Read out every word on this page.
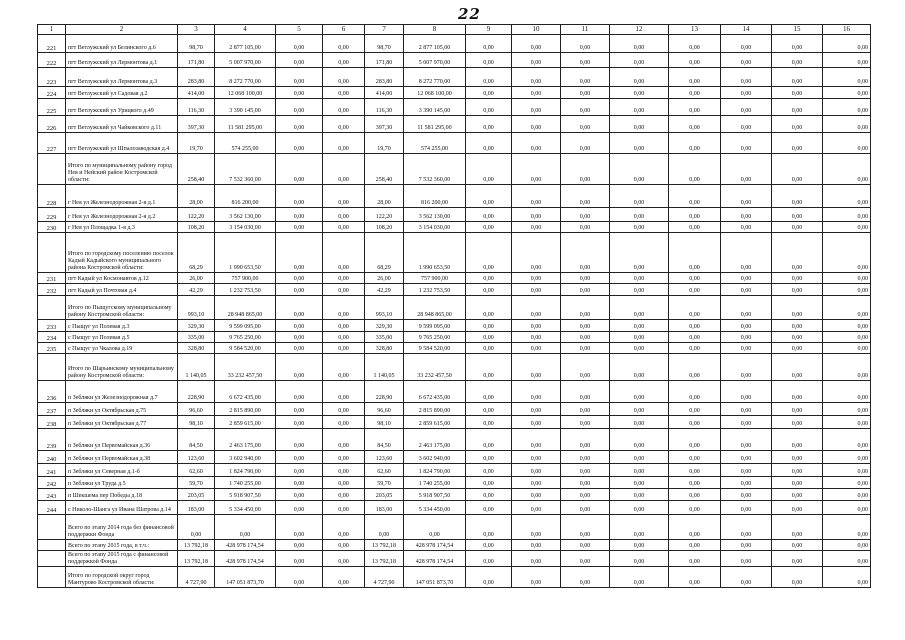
22
1	2	3	4	5	6	7	8	9	10	11	12	13	14	15	16
221	пгт Ветлужский ул Белинского д.6	98,70	2 877 105,00	0,00	0,00	98,70	2 877 105,00	0,00	0,00	0,00	0,00	0,00	0,00	0,00	0,00
222	пгт Ветлужский ул Лермонтова д.1	171,80	5 007 970,00	0,00	0,00	171,80	5 007 970,00	0,00	0,00	0,00	0,00	0,00	0,00	0,00	0,00
223	пгт Ветлужский ул Лермонтова д.3	283,80	8 272 770,00	0,00	0,00	283,80	8 272 770,00	0,00	0,00	0,00	0,00	0,00	0,00	0,00	0,00
224	пгт Ветлужский ул Садовая д.2	414,00	12 068 100,00	0,00	0,00	414,00	12 068 100,00	0,00	0,00	0,00	0,00	0,00	0,00	0,00	0,00
225	пгт Ветлужский ул Урицкого д.49	116,30	3 390 145,00	0,00	0,00	116,30	3 390 145,00	0,00	0,00	0,00	0,00	0,00	0,00	0,00	0,00
226	пгт Ветлужский ул Чайковского д.11	397,30	11 581 295,00	0,00	0,00	397,30	11 581 295,00	0,00	0,00	0,00	0,00	0,00	0,00	0,00	0,00
227	пгт Ветлужский ул Шпалозаводская д.4	19,70	574 255,00	0,00	0,00	19,70	574 255,00	0,00	0,00	0,00	0,00	0,00	0,00	0,00	0,00
	Итого по муниципальному району город Нея и Нейский район Костромской области:	258,40	7 532 360,00	0,00	0,00	258,40	7 532 360,00	0,00	0,00	0,00	0,00	0,00	0,00	0,00	0,00
228	г Нея ул Железнодорожная 2-я д.1	28,00	816 200,00	0,00	0,00	28,00	816 200,00	0,00	0,00	0,00	0,00	0,00	0,00	0,00	0,00
229	г Нея ул Железнодорожная 2-я д.2	122,20	3 562 130,00	0,00	0,00	122,20	3 562 130,00	0,00	0,00	0,00	0,00	0,00	0,00	0,00	0,00
230	г Нея ул Площадка 1-я д.3	108,20	3 154 030,00	0,00	0,00	108,20	3 154 030,00	0,00	0,00	0,00	0,00	0,00	0,00	0,00	0,00
	Итого по городскому поселению поселок Кадый Кадыйского муниципального района Костромской области:	68,29	1 990 653,50	0,00	0,00	68,29	1 990 653,50	0,00	0,00	0,00	0,00	0,00	0,00	0,00	0,00
231	пгт Кадый ул Космонавтов д.12	26,00	757 900,00	0,00	0,00	26,00	757 900,00	0,00	0,00	0,00	0,00	0,00	0,00	0,00	0,00
232	пгт Кадый ул Почтовая д.4	42,29	1 232 753,50	0,00	0,00	42,29	1 232 753,50	0,00	0,00	0,00	0,00	0,00	0,00	0,00	0,00
	Итого по Пыщугскому муниципальному району Костромской области:	993,10	28 948 865,00	0,00	0,00	993,10	28 948 865,00	0,00	0,00	0,00	0,00	0,00	0,00	0,00	0,00
233	с Пыщуг ул Полевая д.3	329,30	9 599 095,00	0,00	0,00	329,30	9 599 095,00	0,00	0,00	0,00	0,00	0,00	0,00	0,00	0,00
234	с Пыщуг ул Полевая д.5	335,00	9 765 250,00	0,00	0,00	335,00	9 765 250,00	0,00	0,00	0,00	0,00	0,00	0,00	0,00	0,00
235	с Пыщуг ул Чкалова д.19	328,80	9 584 520,00	0,00	0,00	328,80	9 584 520,00	0,00	0,00	0,00	0,00	0,00	0,00	0,00	0,00
	Итого по Шарьинскому муниципальному району Костромской области:	1 140,05	33 232 457,50	0,00	0,00	1 140,05	33 232 457,50	0,00	0,00	0,00	0,00	0,00	0,00	0,00	0,00
236	п Зебляки ул Железнодорожная д.7	228,90	6 672 435,00	0,00	0,00	228,90	6 672 435,00	0,00	0,00	0,00	0,00	0,00	0,00	0,00	0,00
237	п Зебляки ул Октябрьская д.75	96,60	2 815 890,00	0,00	0,00	96,60	2 815 890,00	0,00	0,00	0,00	0,00	0,00	0,00	0,00	0,00
238	п Зебляки ул Октябрьская д.77	98,10	2 859 615,00	0,00	0,00	98,10	2 859 615,00	0,00	0,00	0,00	0,00	0,00	0,00	0,00	0,00
239	п Зебляки ул Первомайская д.36	84,50	2 463 175,00	0,00	0,00	84,50	2 463 175,00	0,00	0,00	0,00	0,00	0,00	0,00	0,00	0,00
240	п Зебляки ул Первомайская д.38	123,60	3 602 940,00	0,00	0,00	123,60	3 602 940,00	0,00	0,00	0,00	0,00	0,00	0,00	0,00	0,00
241	п Зебляки ул Северная д.1-б	62,60	1 824 790,00	0,00	0,00	62,60	1 824 790,00	0,00	0,00	0,00	0,00	0,00	0,00	0,00	0,00
242	п Зебляки ул Труда д.5	59,70	1 740 255,00	0,00	0,00	59,70	1 740 255,00	0,00	0,00	0,00	0,00	0,00	0,00	0,00	0,00
243	п Шекшема пер Победы д.18	203,05	5 918 907,50	0,00	0,00	203,05	5 918 907,50	0,00	0,00	0,00	0,00	0,00	0,00	0,00	0,00
244	с Николо-Шанга ул Ивана Шатрова д.14	183,00	5 334 450,00	0,00	0,00	183,00	5 334 450,00	0,00	0,00	0,00	0,00	0,00	0,00	0,00	0,00
	Всего по этапу 2014 года без финансовой поддержки Фонда	0,00	0,00	0,00	0,00	0,00	0,00	0,00	0,00	0,00	0,00	0,00	0,00	0,00	0,00
	Всего по этапу 2015 года, в т.ч.:	13 792,18	428 978 174,54	0,00	0,00	13 792,18	428 978 174,54	0,00	0,00	0,00	0,00	0,00	0,00	0,00	0,00
	Всего по этапу 2015 года с финансовой поддержкой Фонда	13 792,18	428 978 174,54	0,00	0,00	13 792,18	428 978 174,54	0,00	0,00	0,00	0,00	0,00	0,00	0,00	0,00
	Итого по городской округ город Мантурово Костромской области:	4 727,90	147 051 873,70	0,00	0,00	4 727,90	147 051 873,70	0,00	0,00	0,00	0,00	0,00	0,00	0,00	0,00
